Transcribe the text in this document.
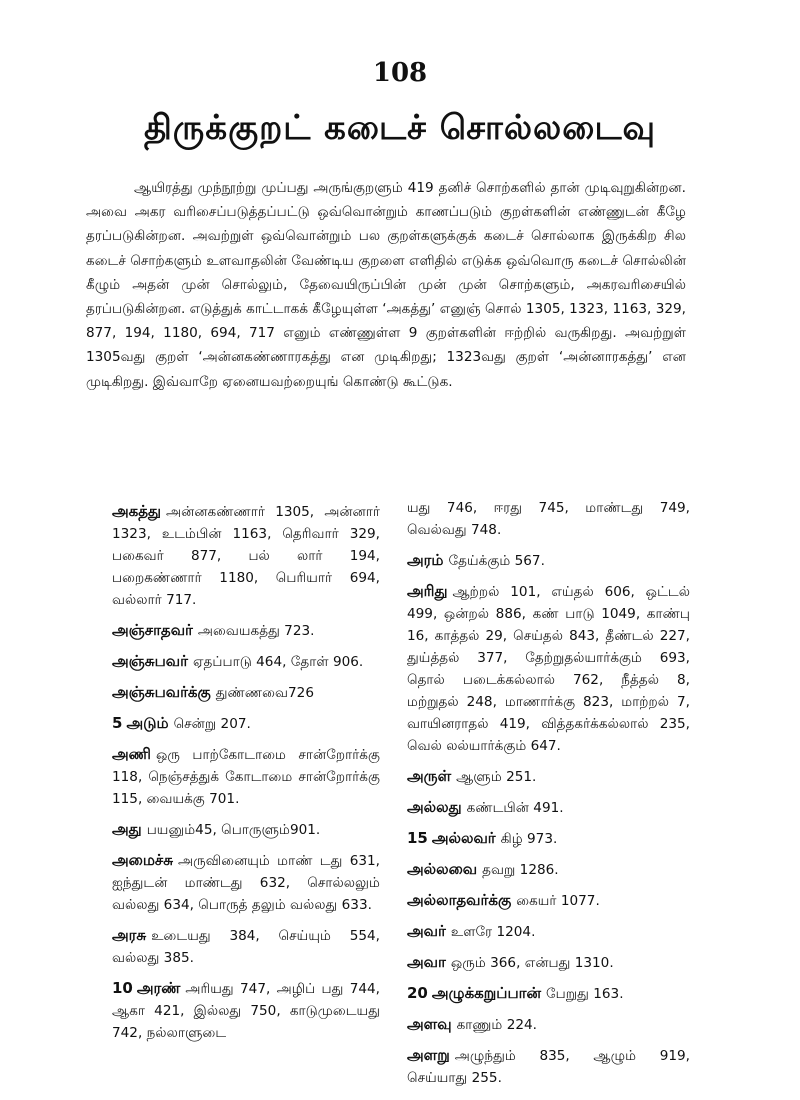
108
திருக்குறட் கடைச் சொல்லடைவு

ஆயிரத்து முந்நூற்று முப்பது அருங்குறளும் 419 தனிச் சொற்களில் தான் முடிவுறுகின்றன. அவை அகர வரிசைப்படுத்தப்பட்டு ஒவ்வொன்றும் காணப்படும் குறள்களின் எண்ணுடன் கீழே தரப்படுகின்றன. அவற்றுள் ஒவ்வொன்றும் பல குறள்களுக்குக் கடைச் சொல்லாக இருக்கிற சில கடைச் சொற்களும் உளவாதலின் வேண்டிய குறளை எளிதில் எடுக்க ஒவ்வொரு கடைச் சொல்லின் கீழும் அதன் முன் சொல்லும், தேவையிருப்பின் முன் முன் சொற்களும், அகரவரிசையில் தரப்படுகின்றன. எடுத்துக் காட்டாகக் கீழேயுள்ள ‘அகத்து’ எனுஞ் சொல் 1305, 1323, 1163, 329, 877, 194, 1180, 694, 717 எனும் எண்ணுள்ள 9 குறள்களின் ஈற்றில் வருகிறது. அவற்றுள் 1305வது குறள் ‘அன்னகண்ணாரகத்து என முடிகிறது; 1323வது குறள் ‘அன்னாரகத்து’ என முடிகிறது. இவ்வாறே ஏனையவற்றையுங் கொண்டு கூட்டுக.

அகத்து அன்னகண்ணார் 1305, அன்னார் 1323, உடம்பின் 1163, தெரிவார் 329, பகைவர் 877, பல் லார் 194, பறைகண்ணார் 1180, பெரியார் 694, வல்லார் 717.

அஞ்சாதவர் அவையகத்து 723.

அஞ்சுபவர் ஏதப்பாடு 464, தோள் 906.

அஞ்சுபவர்க்கு துண்ணவை726

5 அடும் சென்று 207.

அணி ஒரு பாற்கோடாமை சான்றோர்க்கு 118, நெஞ்சத்துக் கோடாமை சான்றோர்க்கு 115, வையக்கு 701.

அது பயனும்45, பொருளும்901.

அமைச்சு அருவினையும் மாண் டது 631, ஐந்துடன் மாண்டது 632, சொல்லலும் வல்லது 634, பொருத் தலும் வல்லது 633.

அரசு உடையது 384, செய்யும் 554, வல்லது 385.

10 அரண் அரியது 747, அழிப் பது 744, ஆகா 421, இல்லது 750, காடுமுடையது 742, நல்லாளுடை

யது 746, ஈரது 745, மாண்டது 749, வெல்வது 748.

அரம் தேய்க்கும் 567.

அரிது ஆற்றல் 101, எய்தல் 606, ஒட்டல் 499, ஒன்றல் 886, கண் பாடு 1049, காண்பு 16, காத்தல் 29, செய்தல் 843, தீண்டல் 227, துய்த்தல் 377, தேற்றுதல்யார்க்கும் 693, தொல் படைக்கல்லால் 762, நீத்தல் 8, மற்றுதல் 248, மாணார்க்கு 823, மாற்றல் 7, வாயினராதல் 419, வித்தகர்க்கல்லால் 235, வெல் லல்யார்க்கும் 647.

அருள் ஆளும் 251.

அல்லது கண்டபின் 491.

15 அல்லவர் கிழ் 973.

அல்லவை தவறு 1286.

அல்லாதவர்க்கு கையர் 1077.

அவர் உளரே 1204.

அவா ஒரும் 366, என்பது 1310.

20 அழுக்கறுப்பான் பேறுது 163.

அளவு காணும் 224.

அளறு அழுந்தும் 835, ஆழும் 919, செய்யாது 255.
